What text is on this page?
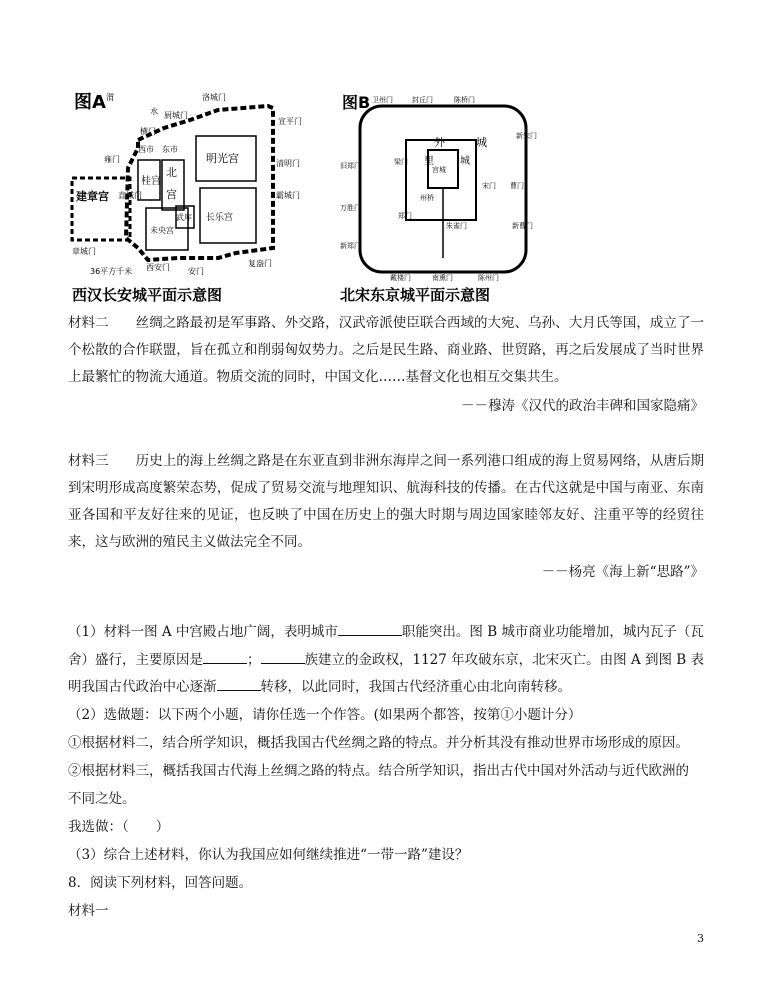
图A 渭
水
洛城门
厨城门
横门
宣平门
西市 东市
明光宫
雍门
北
宫
桂宫
清明门
建章宫 直城门	霸城门
长乐宫
武库
未央宫
章城门
复盎门
西安门 安门
36平方千米
西汉长安城平面示意图
图B 卫州门	封丘门	陈桥门
新宋门
外
里	城
城
宫城
旧郑门
万胜门
曹门
宋门
郑门
梁门
戴楼门	南熏门	陈州门
朱雀门
新郑门
新曹门
州桥
北宋东京城平面示意图
材料二　　丝绸之路最初是军事路、外交路，汉武帝派使臣联合西域的大宛、乌孙、大月氏等国，成立了一个松散的合作联盟，旨在孤立和削弱匈奴势力。之后是民生路、商业路、世贸路，再之后发展成了当时世界上最繁忙的物流大通道。物质交流的同时，中国文化……基督文化也相互交集共生。
－－穆涛《汉代的政治丰碑和国家隐痛》
材料三　　历史上的海上丝绸之路是在东亚直到非洲东海岸之间一系列港口组成的海上贸易网络，从唐后期到宋明形成高度繁荣态势，促成了贸易交流与地理知识、航海科技的传播。在古代这就是中国与南亚、东南亚各国和平友好往来的见证，也反映了中国在历史上的强大时期与周边国家睦邻友好、注重平等的经贸往来，这与欧洲的殖民主义做法完全不同。
－－杨亮《海上新“思路”》
（1）材料一图 A 中宫殿占地广阔，表明城市	职能突出。图 B 城市商业功能增加，城内瓦子（瓦
舍）盛行，主要原因是	；	族建立的金政权，1127 年攻破东京，北宋灭亡。由图 A 到图 B 表
明我国古代政治中心逐渐	转移，以此同时，我国古代经济重心由北向南转移。
（2）选做题：以下两个小题，请你任选一个作答。(如果两个都答，按第①小题计分）
①根据材料二，结合所学知识，概括我国古代丝绸之路的特点。并分析其没有推动世界市场形成的原因。
②根据材料三，概括我国古代海上丝绸之路的特点。结合所学知识，指出古代中国对外活动与近代欧洲的
不同之处。
我选做：（　　）
（3）综合上述材料，你认为我国应如何继续推进“一带一路”建设？
8．阅读下列材料，回答问题。
材料一
3
